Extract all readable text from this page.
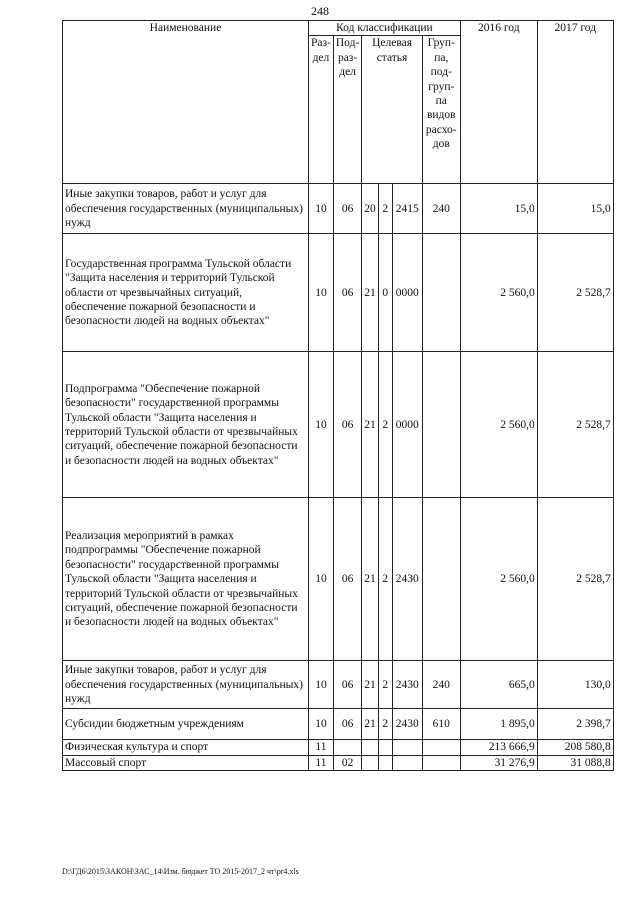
248
Наименование	Код классификации						2016 год	2017 год
	Раз-дел	Под-раз-дел	Целевая статья			Груп-па, под-груп-па видов расхо-дов		
Иные закупки товаров, работ и услуг для обеспечения государственных (муниципальных) нужд	10	06	20	2	2415	240	15,0	15,0
Государственная программа Тульской области "Защита населения и территорий Тульской области от чрезвычайных ситуаций, обеспечение пожарной безопасности и безопасности людей на водных объектах"	10	06	21	0	0000		2 560,0	2 528,7
Подпрограмма "Обеспечение пожарной безопасности" государственной программы Тульской области "Защита населения и территорий Тульской области от чрезвычайных ситуаций, обеспечение пожарной безопасности и безопасности людей на водных объектах"	10	06	21	2	0000		2 560,0	2 528,7
Реализация мероприятий в рамках подпрограммы "Обеспечение пожарной безопасности" государственной программы Тульской области "Защита населения и территорий Тульской области от чрезвычайных ситуаций, обеспечение пожарной безопасности и безопасности людей на водных объектах"	10	06	21	2	2430		2 560,0	2 528,7
Иные закупки товаров, работ и услуг для обеспечения государственных (муниципальных) нужд	10	06	21	2	2430	240	665,0	130,0
Субсидии бюджетным учреждениям	10	06	21	2	2430	610	1 895,0	2 398,7
Физическая культура и спорт	11						213 666,9	208 580,8
Массовый спорт	11	02					31 276,9	31 088,8
D:\ГД6\2015\ЗАКОН\ЗАС_14\Изм. бюджет ТО 2015-2017_2 чт\pr4.xls
